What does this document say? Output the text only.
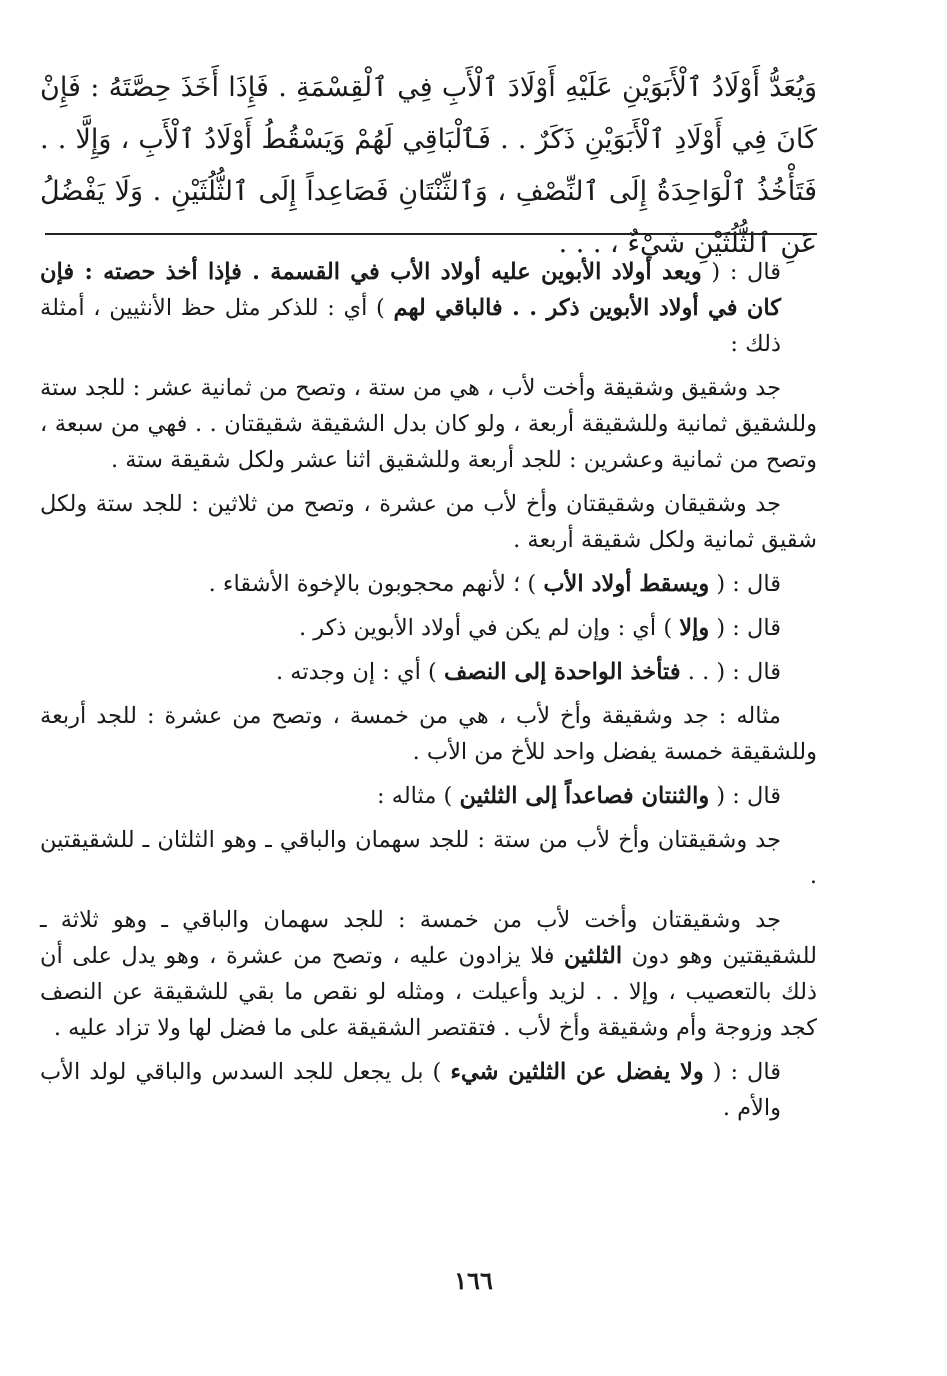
وَيُعَدُّ أَوْلَادُ ٱلْأَبَوَيْنِ عَلَيْهِ أَوْلَادَ ٱلْأَبِ فِي ٱلْقِسْمَةِ . فَإِذَا أَخَذَ حِصَّتَهُ : فَإِنْ كَانَ فِي أَوْلَادِ ٱلْأَبَوَيْنِ ذَكَرٌ . . فَٱلْبَاقِي لَهُمْ وَيَسْقُطُ أَوْلَادُ ٱلْأَبِ ، وَإِلَّا . . فَتَأْخُذُ ٱلْوَاحِدَةُ إِلَى ٱلنِّصْفِ ، وَٱلثِّنْتَانِ فَصَاعِداً إِلَى ٱلثُّلُثَيْنِ . وَلَا يَفْضُلُ عَنِ ٱلثُّلُثَيْنِ شَيْءٌ ، . . .

قال : ( ويعد أولاد الأبوين عليه أولاد الأب في القسمة . فإذا أخذ حصته : فإن كان في أولاد الأبوين ذكر . . فالباقي لهم ) أي : للذكر مثل حظ الأنثيين ، أمثلة ذلك :

جد وشقيق وشقيقة وأخت لأب ، هي من ستة ، وتصح من ثمانية عشر : للجد ستة وللشقيق ثمانية وللشقيقة أربعة ، ولو كان بدل الشقيقة شقيقتان . . فهي من سبعة ، وتصح من ثمانية وعشرين : للجد أربعة وللشقيق اثنا عشر ولكل شقيقة ستة .

جد وشقيقان وشقيقتان وأخ لأب من عشرة ، وتصح من ثلاثين : للجد ستة ولكل شقيق ثمانية ولكل شقيقة أربعة .

قال : ( ويسقط أولاد الأب ) ؛ لأنهم محجوبون بالإخوة الأشقاء .

قال : ( وإلا ) أي : وإن لم يكن في أولاد الأبوين ذكر .

قال : ( . . فتأخذ الواحدة إلى النصف ) أي : إن وجدته .

مثاله : جد وشقيقة وأخ لأب ، هي من خمسة ، وتصح من عشرة : للجد أربعة وللشقيقة خمسة يفضل واحد للأخ من الأب .

قال : ( والثنتان فصاعداً إلى الثلثين ) مثاله :

جد وشقيقتان وأخ لأب من ستة : للجد سهمان والباقي ـ وهو الثلثان ـ للشقيقتين .

جد وشقيقتان وأخت لأب من خمسة : للجد سهمان والباقي ـ وهو ثلاثة ـ للشقيقتين وهو دون الثلثين فلا يزادون عليه ، وتصح من عشرة ، وهو يدل على أن ذلك بالتعصيب ، وإلا . . لزيد وأعيلت ، ومثله لو نقص ما بقي للشقيقة عن النصف كجد وزوجة وأم وشقيقة وأخ لأب . فتقتصر الشقيقة على ما فضل لها ولا تزاد عليه .

قال : ( ولا يفضل عن الثلثين شيء ) بل يجعل للجد السدس والباقي لولد الأب والأم .

١٦٦
